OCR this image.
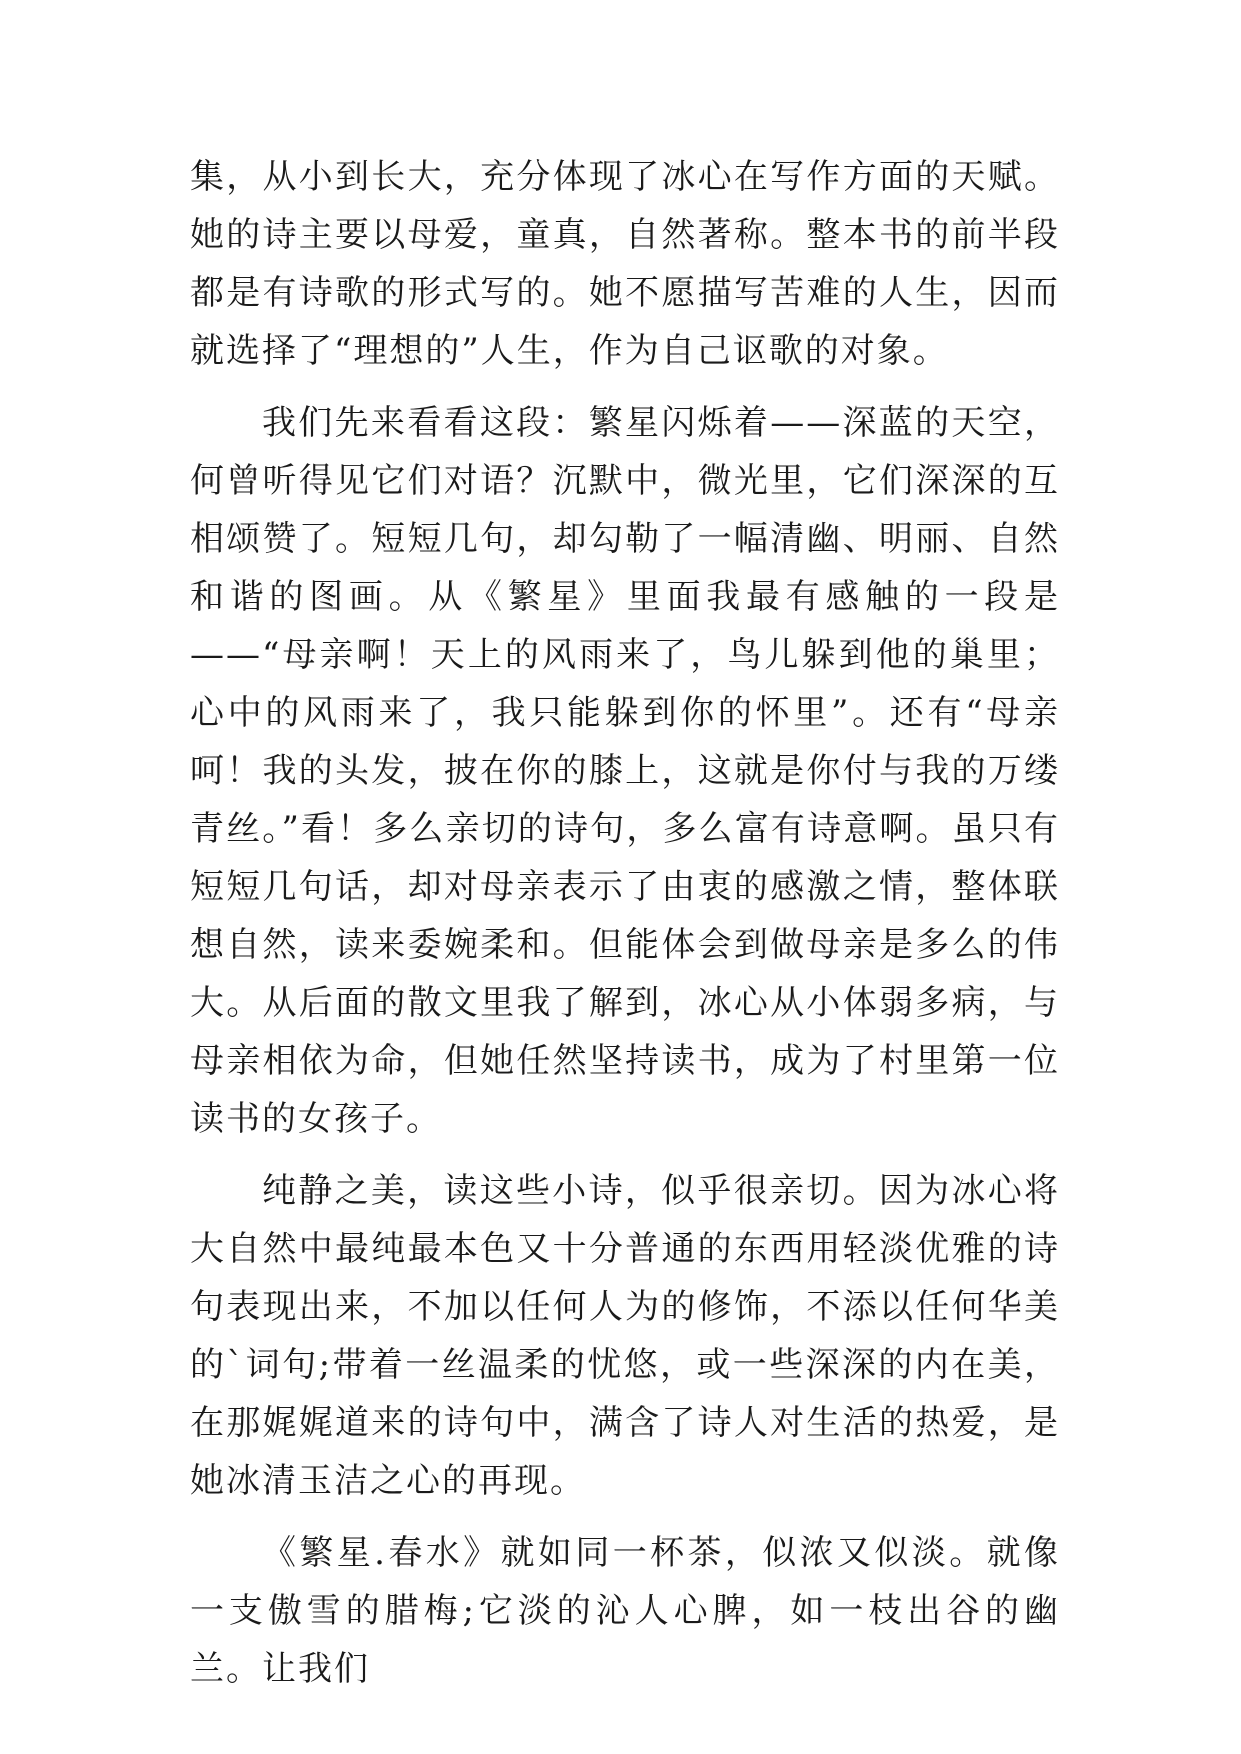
集，从小到长大，充分体现了冰心在写作方面的天赋。她的诗主要以母爱，童真，自然著称。整本书的前半段都是有诗歌的形式写的。她不愿描写苦难的人生，因而就选择了“理想的”人生，作为自己讴歌的对象。

我们先来看看这段：繁星闪烁着——深蓝的天空，何曾听得见它们对语？沉默中，微光里，它们深深的互相颂赞了。短短几句，却勾勒了一幅清幽、明丽、自然和谐的图画。从《繁星》里面我最有感触的一段是——“母亲啊！天上的风雨来了，鸟儿躲到他的巢里；心中的风雨来了，我只能躲到你的怀里”。还有“母亲呵！我的头发，披在你的膝上，这就是你付与我的万缕青丝。”看！多么亲切的诗句，多么富有诗意啊。虽只有短短几句话，却对母亲表示了由衷的感激之情，整体联想自然，读来委婉柔和。但能体会到做母亲是多么的伟大。从后面的散文里我了解到，冰心从小体弱多病，与母亲相依为命，但她任然坚持读书，成为了村里第一位读书的女孩子。

纯静之美，读这些小诗，似乎很亲切。因为冰心将大自然中最纯最本色又十分普通的东西用轻淡优雅的诗句表现出来，不加以任何人为的修饰，不添以任何华美的`词句;带着一丝温柔的忧悠，或一些深深的内在美，在那娓娓道来的诗句中，满含了诗人对生活的热爱，是她冰清玉洁之心的再现。

《繁星.春水》就如同一杯茶，似浓又似淡。就像一支傲雪的腊梅;它淡的沁人心脾，如一枝出谷的幽兰。让我们
